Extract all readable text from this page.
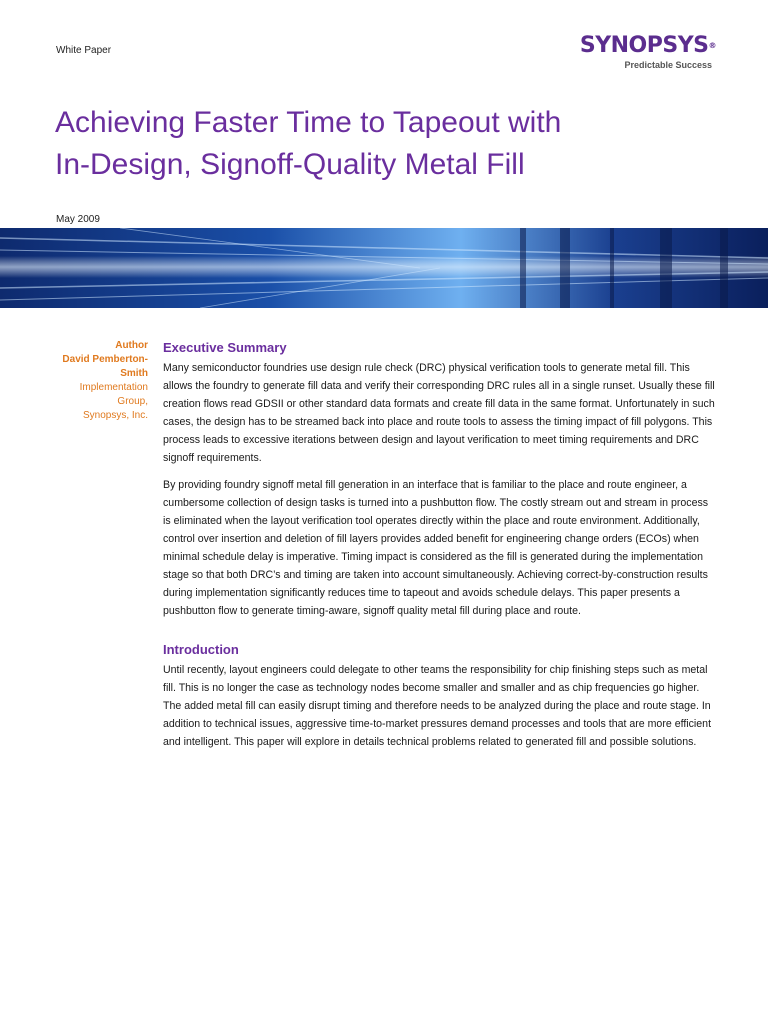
White Paper	SYNOPSYS®
Predictable Success
Achieving Faster Time to Tapeout with
In-Design, Signoff-Quality Metal Fill
May 2009
Author
David Pemberton-
Smith
Implementation
Group,
Synopsys, Inc.
Executive Summary

Many semiconductor foundries use design rule check (DRC) physical verification tools to generate metal fill. This allows the foundry to generate fill data and verify their corresponding DRC rules all in a single runset. Usually these fill creation flows read GDSII or other standard data formats and create fill data in the same format. Unfortunately in such cases, the design has to be streamed back into place and route tools to assess the timing impact of fill polygons. This process leads to excessive iterations between design and layout verification to meet timing requirements and DRC signoff requirements.

By providing foundry signoff metal fill generation in an interface that is familiar to the place and route engineer, a cumbersome collection of design tasks is turned into a pushbutton flow. The costly stream out and stream in process is eliminated when the layout verification tool operates directly within the place and route environment. Additionally, control over insertion and deletion of fill layers provides added benefit for engineering change orders (ECOs) when minimal schedule delay is imperative. Timing impact is considered as the fill is generated during the implementation stage so that both DRC’s and timing are taken into account simultaneously. Achieving correct-by-construction results during implementation significantly reduces time to tapeout and avoids schedule delays. This paper presents a pushbutton flow to generate timing-aware, signoff quality metal fill during place and route.

Introduction

Until recently, layout engineers could delegate to other teams the responsibility for chip finishing steps such as metal fill. This is no longer the case as technology nodes become smaller and smaller and as chip frequencies go higher. The added metal fill can easily disrupt timing and therefore needs to be analyzed during the place and route stage. In addition to technical issues, aggressive time-to-market pressures demand processes and tools that are more efficient and intelligent. This paper will explore in details technical problems related to generated fill and possible solutions.
